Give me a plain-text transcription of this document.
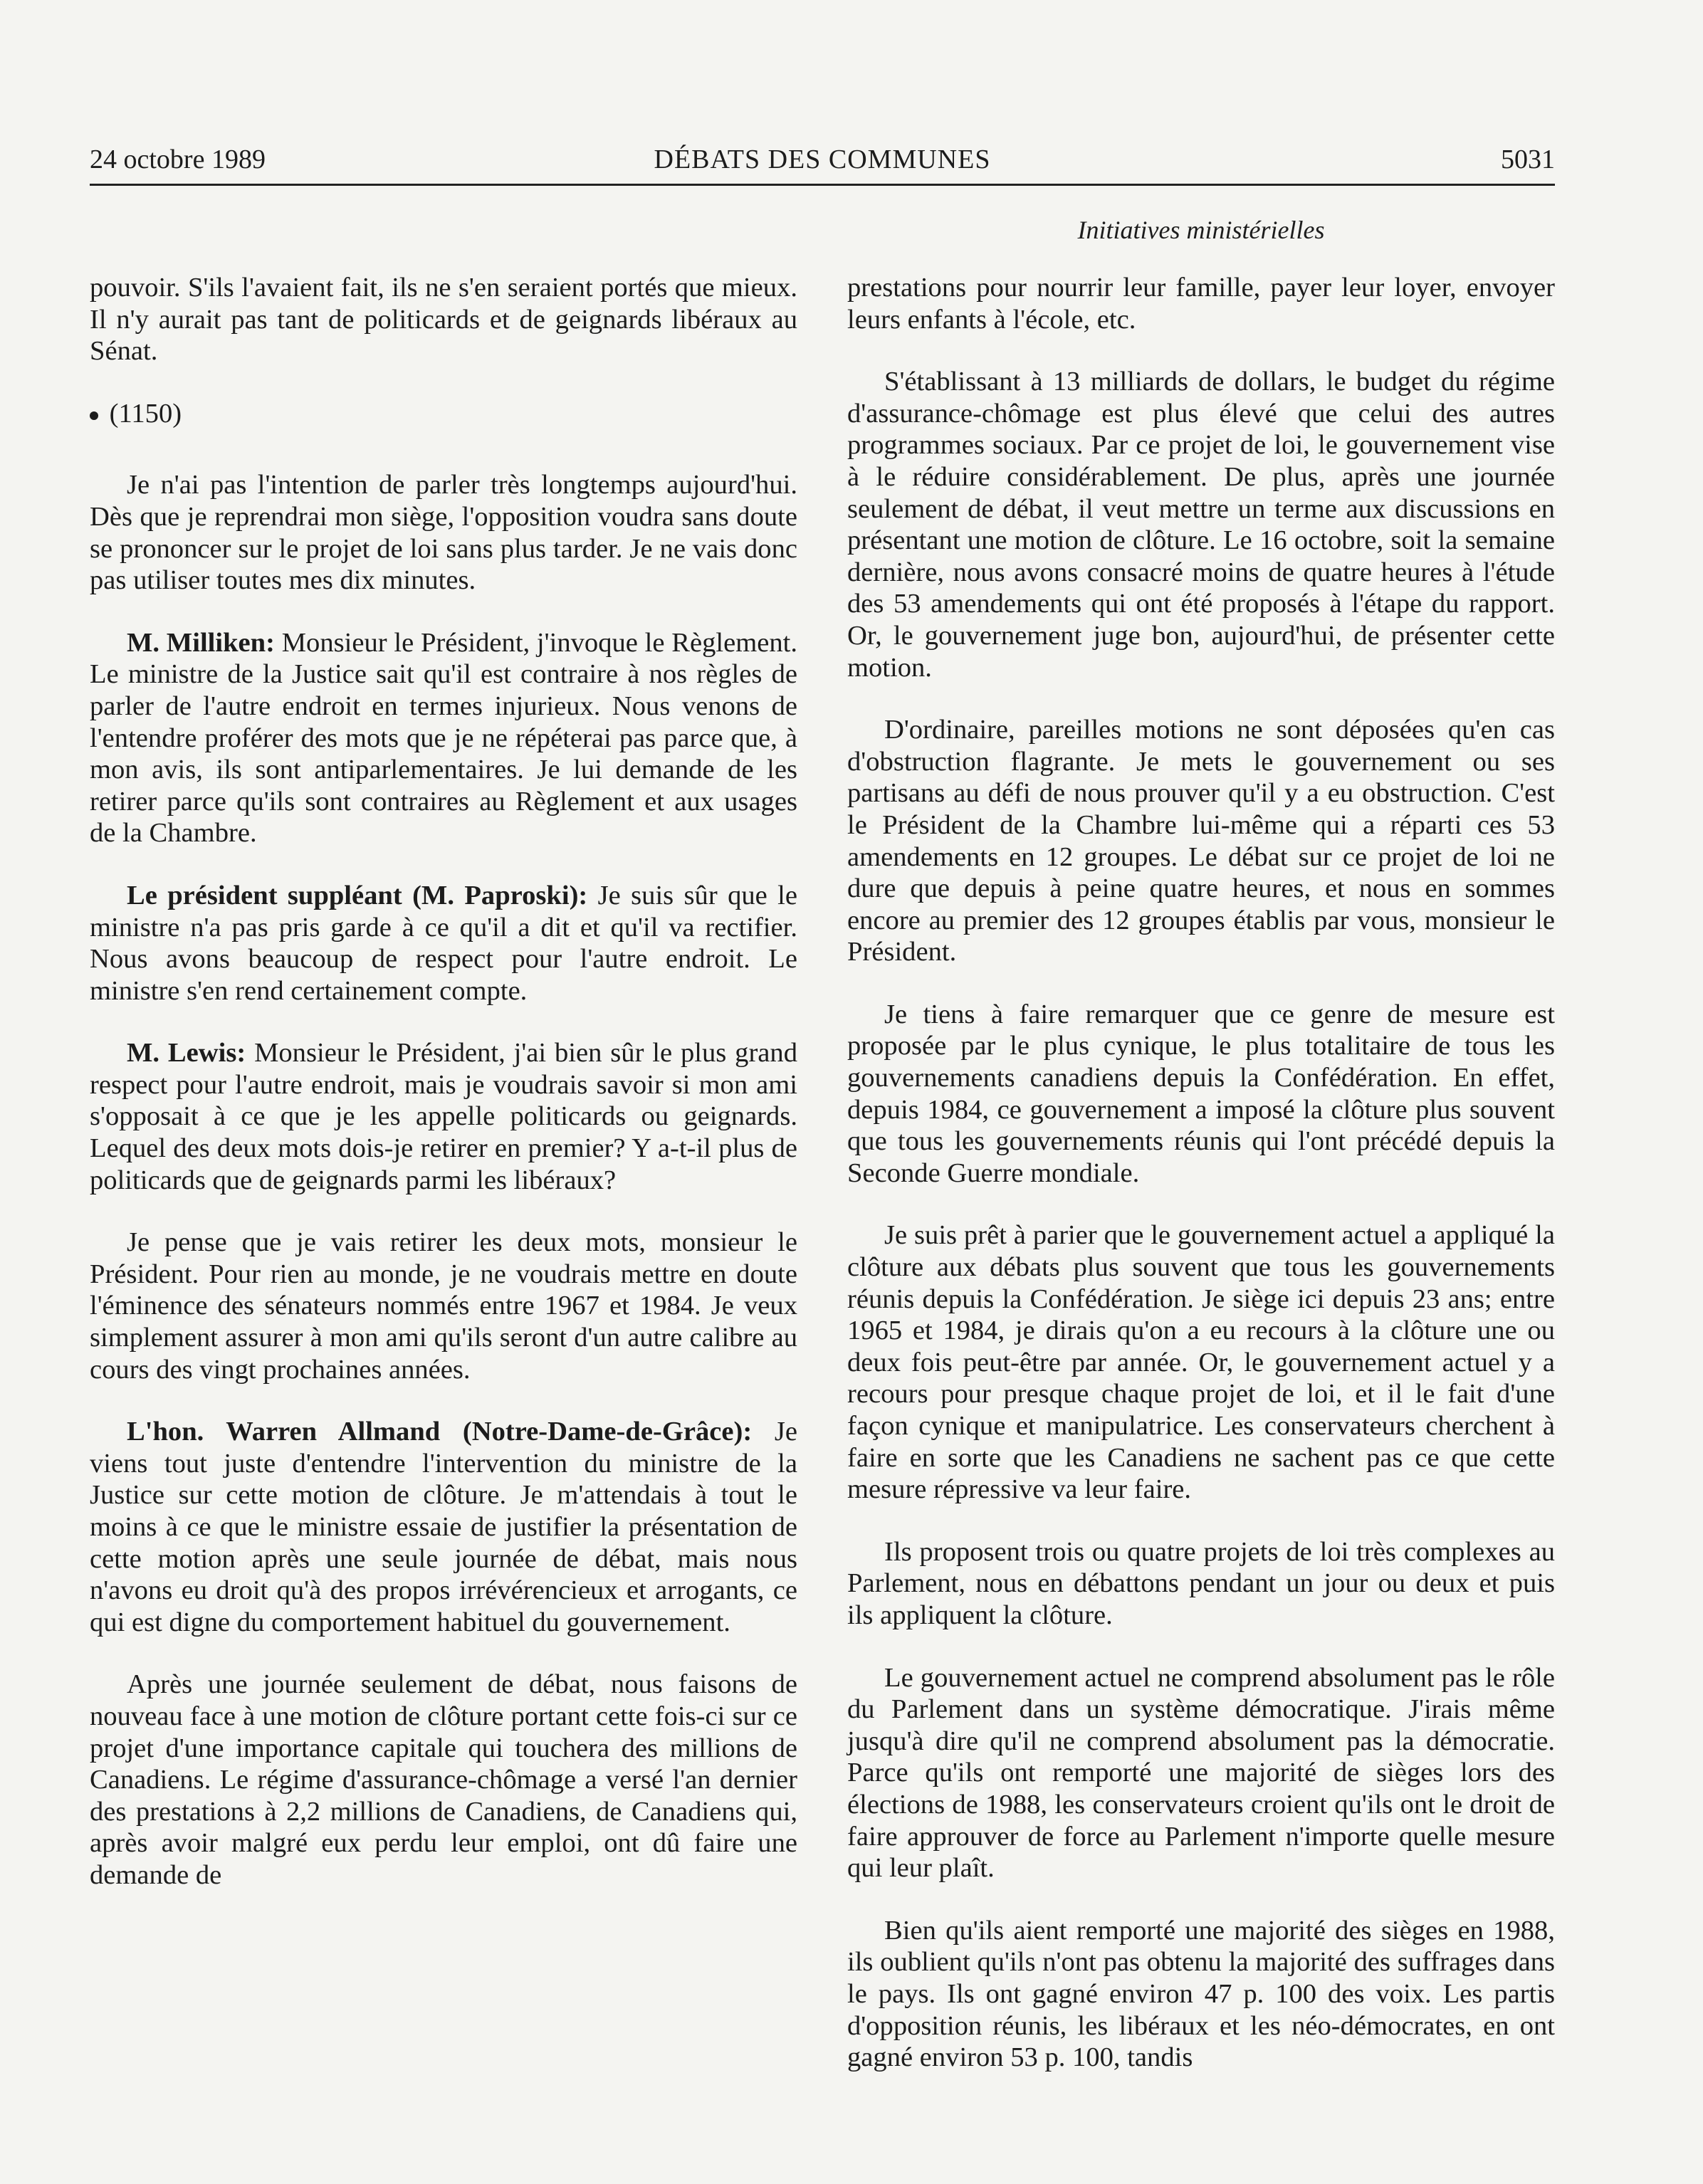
24 octobre 1989	DÉBATS DES COMMUNES	5031
Initiatives ministérielles

pouvoir. S'ils l'avaient fait, ils ne s'en seraient portés que mieux. Il n'y aurait pas tant de politicards et de geignards libéraux au Sénat.

(1150)

Je n'ai pas l'intention de parler très longtemps aujourd'hui. Dès que je reprendrai mon siège, l'opposition voudra sans doute se prononcer sur le projet de loi sans plus tarder. Je ne vais donc pas utiliser toutes mes dix minutes.

M. Milliken: Monsieur le Président, j'invoque le Règlement. Le ministre de la Justice sait qu'il est contraire à nos règles de parler de l'autre endroit en termes injurieux. Nous venons de l'entendre proférer des mots que je ne répéterai pas parce que, à mon avis, ils sont antiparlementaires. Je lui demande de les retirer parce qu'ils sont contraires au Règlement et aux usages de la Chambre.

Le président suppléant (M. Paproski): Je suis sûr que le ministre n'a pas pris garde à ce qu'il a dit et qu'il va rectifier. Nous avons beaucoup de respect pour l'autre endroit. Le ministre s'en rend certainement compte.

M. Lewis: Monsieur le Président, j'ai bien sûr le plus grand respect pour l'autre endroit, mais je voudrais savoir si mon ami s'opposait à ce que je les appelle politicards ou geignards. Lequel des deux mots dois-je retirer en premier? Y a-t-il plus de politicards que de geignards parmi les libéraux?

Je pense que je vais retirer les deux mots, monsieur le Président. Pour rien au monde, je ne voudrais mettre en doute l'éminence des sénateurs nommés entre 1967 et 1984. Je veux simplement assurer à mon ami qu'ils seront d'un autre calibre au cours des vingt prochaines années.

L'hon. Warren Allmand (Notre-Dame-de-Grâce): Je viens tout juste d'entendre l'intervention du ministre de la Justice sur cette motion de clôture. Je m'attendais à tout le moins à ce que le ministre essaie de justifier la présentation de cette motion après une seule journée de débat, mais nous n'avons eu droit qu'à des propos irrévérencieux et arrogants, ce qui est digne du comportement habituel du gouvernement.

Après une journée seulement de débat, nous faisons de nouveau face à une motion de clôture portant cette fois-ci sur ce projet d'une importance capitale qui touchera des millions de Canadiens. Le régime d'assurance-chômage a versé l'an dernier des prestations à 2,2 millions de Canadiens, de Canadiens qui, après avoir malgré eux perdu leur emploi, ont dû faire une demande de

prestations pour nourrir leur famille, payer leur loyer, envoyer leurs enfants à l'école, etc.

S'établissant à 13 milliards de dollars, le budget du régime d'assurance-chômage est plus élevé que celui des autres programmes sociaux. Par ce projet de loi, le gouvernement vise à le réduire considérablement. De plus, après une journée seulement de débat, il veut mettre un terme aux discussions en présentant une motion de clôture. Le 16 octobre, soit la semaine dernière, nous avons consacré moins de quatre heures à l'étude des 53 amendements qui ont été proposés à l'étape du rapport. Or, le gouvernement juge bon, aujourd'hui, de présenter cette motion.

D'ordinaire, pareilles motions ne sont déposées qu'en cas d'obstruction flagrante. Je mets le gouvernement ou ses partisans au défi de nous prouver qu'il y a eu obstruction. C'est le Président de la Chambre lui-même qui a réparti ces 53 amendements en 12 groupes. Le débat sur ce projet de loi ne dure que depuis à peine quatre heures, et nous en sommes encore au premier des 12 groupes établis par vous, monsieur le Président.

Je tiens à faire remarquer que ce genre de mesure est proposée par le plus cynique, le plus totalitaire de tous les gouvernements canadiens depuis la Confédération. En effet, depuis 1984, ce gouvernement a imposé la clôture plus souvent que tous les gouvernements réunis qui l'ont précédé depuis la Seconde Guerre mondiale.

Je suis prêt à parier que le gouvernement actuel a appliqué la clôture aux débats plus souvent que tous les gouvernements réunis depuis la Confédération. Je siège ici depuis 23 ans; entre 1965 et 1984, je dirais qu'on a eu recours à la clôture une ou deux fois peut-être par année. Or, le gouvernement actuel y a recours pour presque chaque projet de loi, et il le fait d'une façon cynique et manipulatrice. Les conservateurs cherchent à faire en sorte que les Canadiens ne sachent pas ce que cette mesure répressive va leur faire.

Ils proposent trois ou quatre projets de loi très complexes au Parlement, nous en débattons pendant un jour ou deux et puis ils appliquent la clôture.

Le gouvernement actuel ne comprend absolument pas le rôle du Parlement dans un système démocratique. J'irais même jusqu'à dire qu'il ne comprend absolument pas la démocratie. Parce qu'ils ont remporté une majorité de sièges lors des élections de 1988, les conservateurs croient qu'ils ont le droit de faire approuver de force au Parlement n'importe quelle mesure qui leur plaît.

Bien qu'ils aient remporté une majorité des sièges en 1988, ils oublient qu'ils n'ont pas obtenu la majorité des suffrages dans le pays. Ils ont gagné environ 47 p. 100 des voix. Les partis d'opposition réunis, les libéraux et les néo-démocrates, en ont gagné environ 53 p. 100, tandis
